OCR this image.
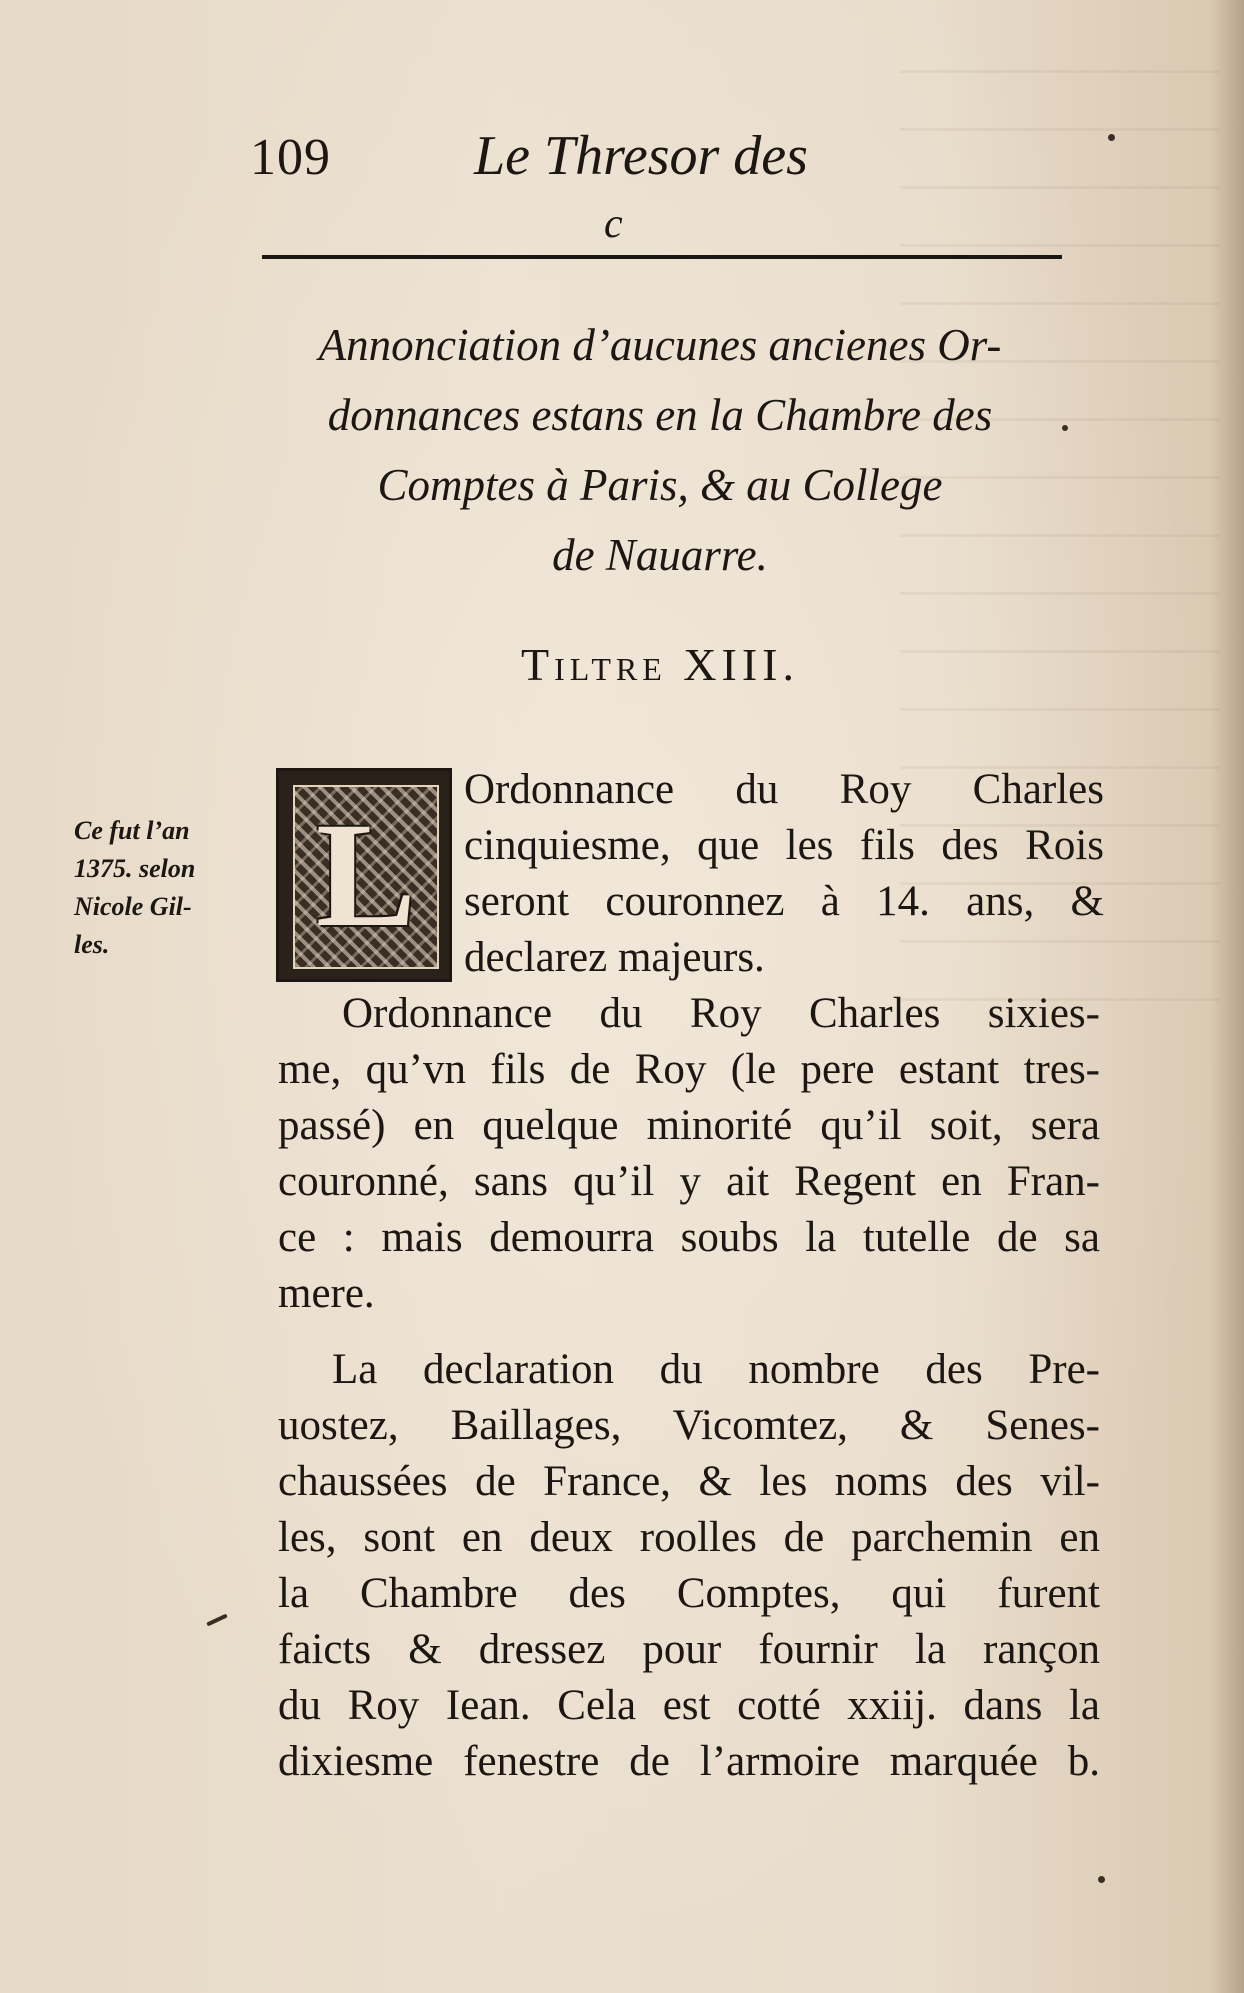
109	Le Thresor des
c
Annonciation d’aucunes ancienes Or-
donnances estans en la Chambre des
Comptes à Paris, & au College
de Nauarre.
Tiltre XIII.
Ce fut l’an
1375. selon
Nicole Gil-
les.	L
Ordonnance du Roy Charles
cinquiesme, que les fils des Rois
seront couronnez à 14. ans, &
declarez majeurs.
Ordonnance du Roy Charles sixies-
me, qu’vn fils de Roy (le pere estant tres-
passé) en quelque minorité qu’il soit, sera
couronné, sans qu’il y ait Regent en Fran-
ce : mais demourra soubs la tutelle de sa
mere.
La declaration du nombre des Pre-
uostez, Baillages, Vicomtez, & Senes-
chaussées de France, & les noms des vil-
les, sont en deux roolles de parchemin en
la Chambre des Comptes, qui furent
faicts & dressez pour fournir la rançon
du Roy Iean. Cela est cotté xxiij. dans la
dixiesme fenestre de l’armoire marquée b.
